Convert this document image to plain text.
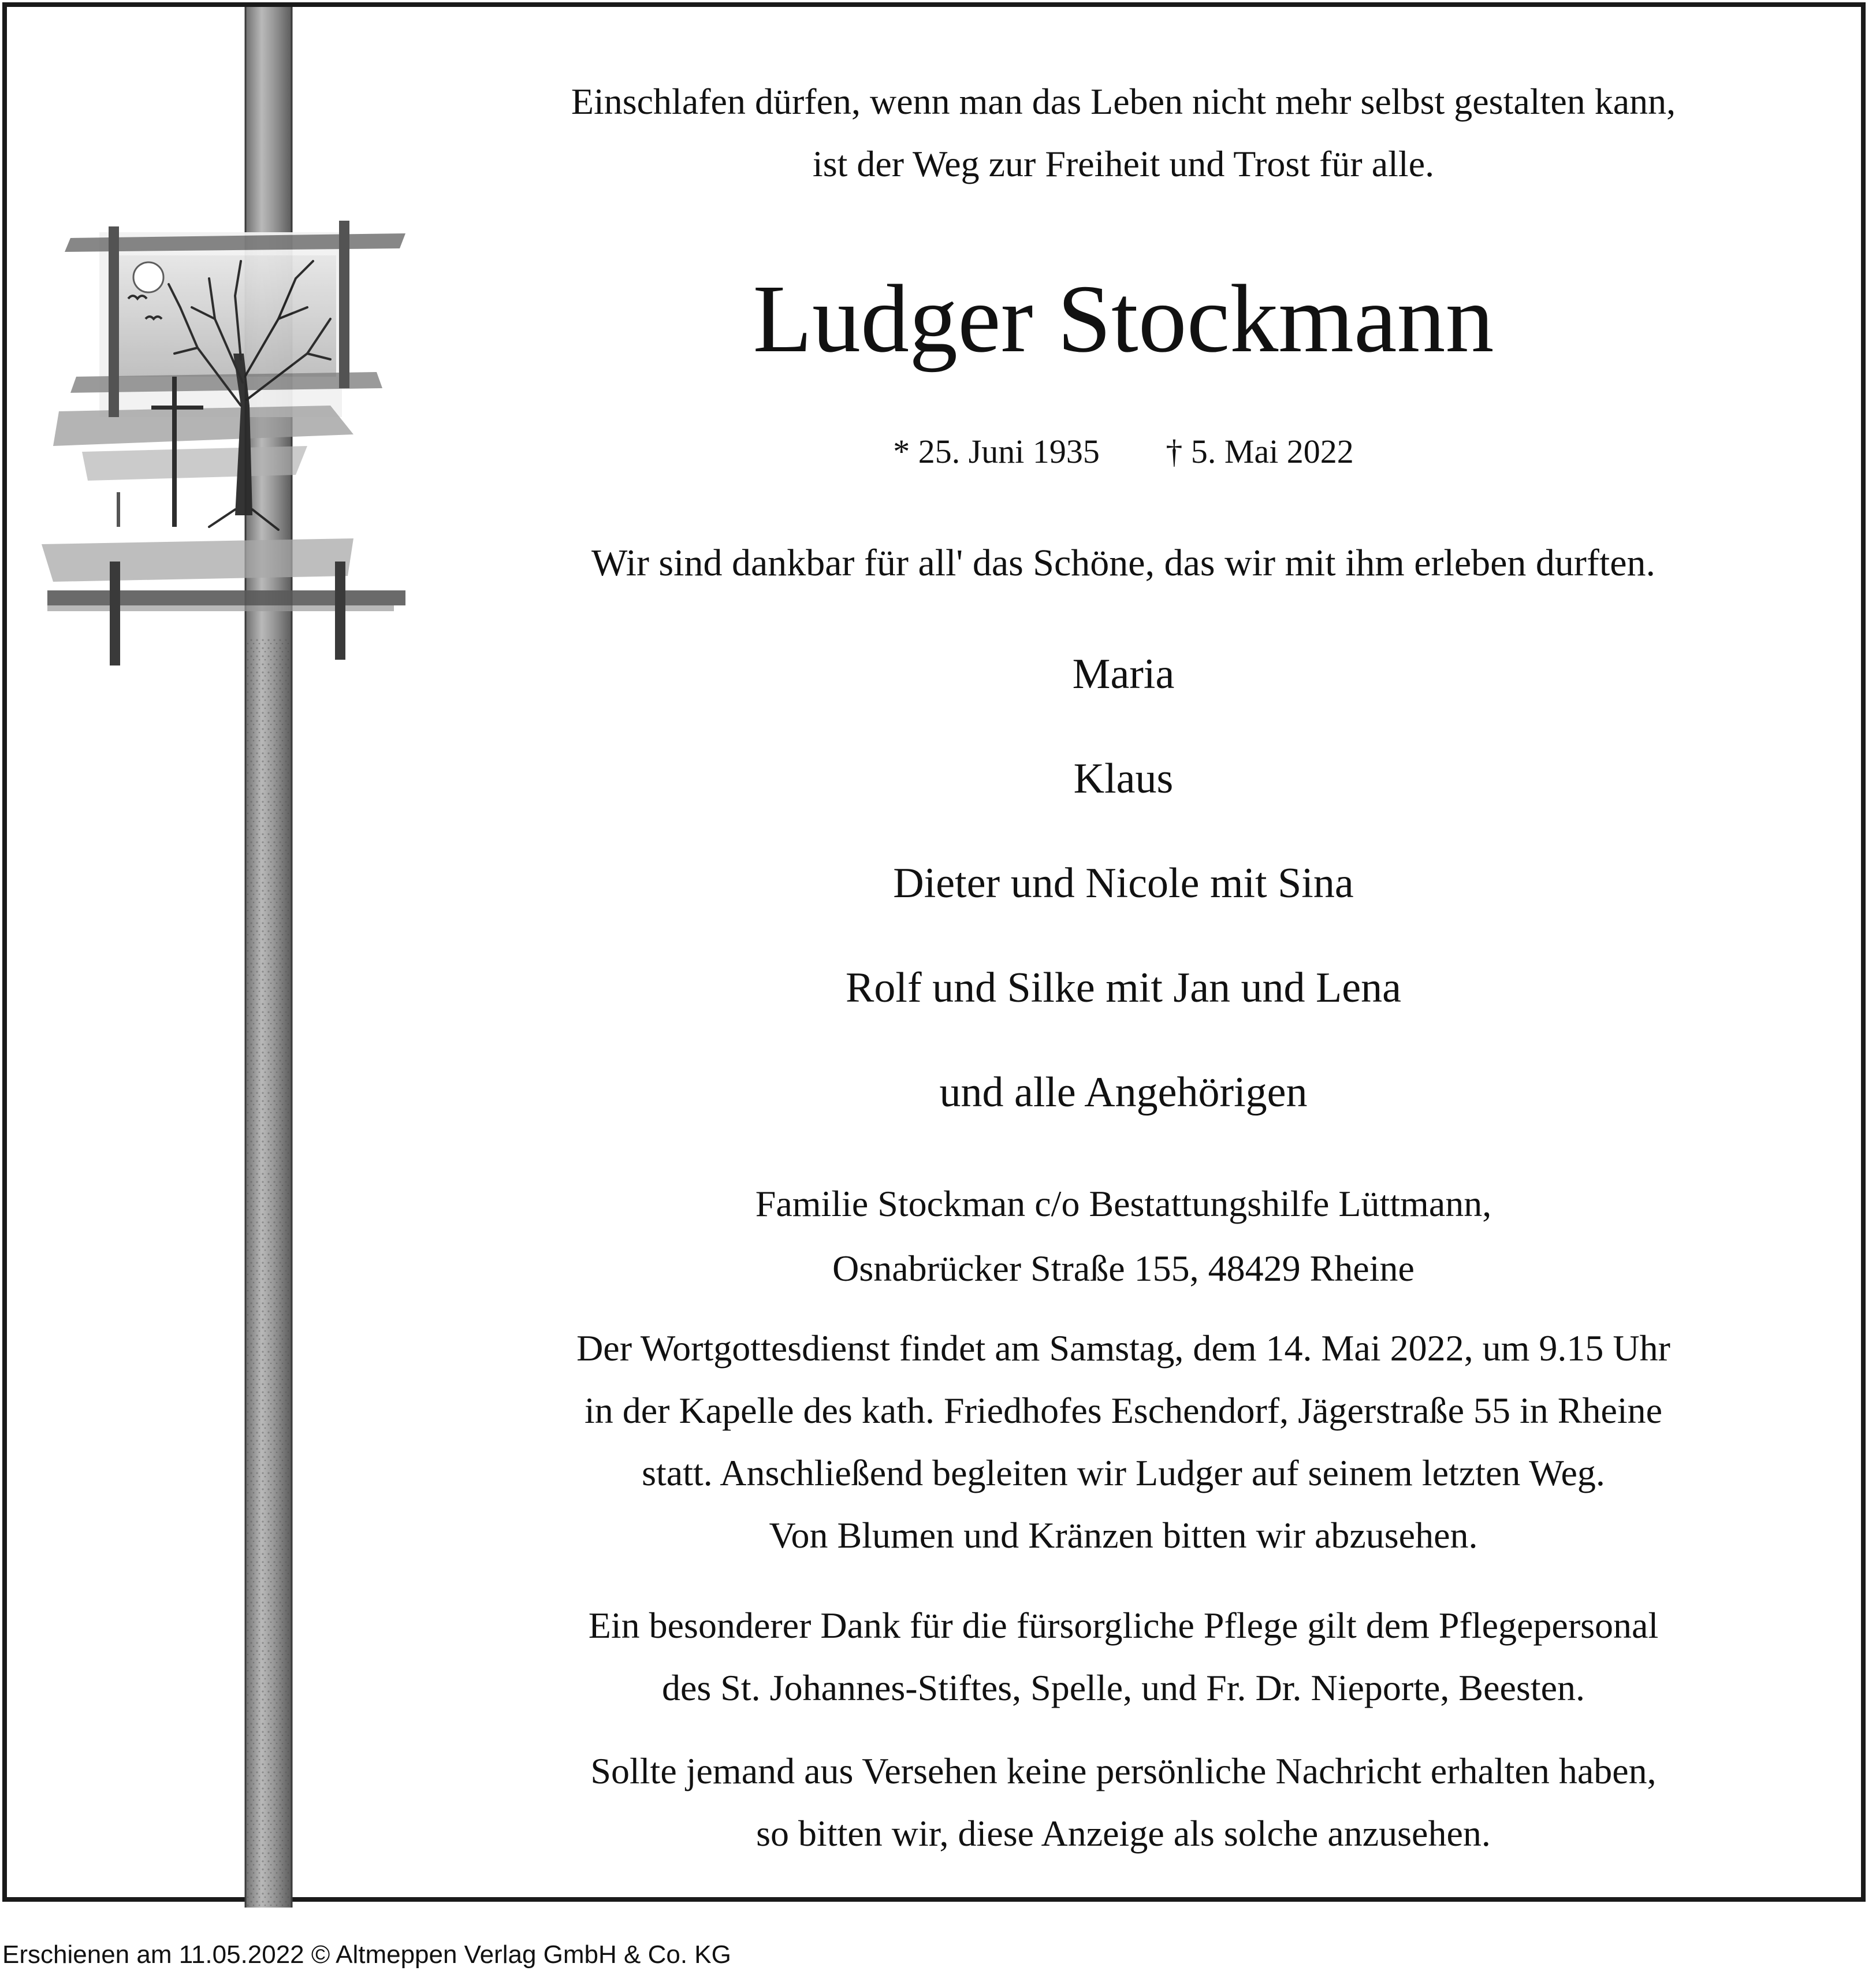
Einschlafen dürfen, wenn man das Leben nicht mehr selbst gestalten kann,
ist der Weg zur Freiheit und Trost für alle.
Ludger Stockmann
* 25. Juni 1935 † 5. Mai 2022
Wir sind dankbar für all' das Schöne, das wir mit ihm erleben durften.
Maria
Klaus
Dieter und Nicole mit Sina
Rolf und Silke mit Jan und Lena
und alle Angehörigen
Familie Stockman c/o Bestattungshilfe Lüttmann,
Osnabrücker Straße 155, 48429 Rheine
Der Wortgottesdienst findet am Samstag, dem 14. Mai 2022, um 9.15 Uhr
in der Kapelle des kath. Friedhofes Eschendorf, Jägerstraße 55 in Rheine
statt. Anschließend begleiten wir Ludger auf seinem letzten Weg.
Von Blumen und Kränzen bitten wir abzusehen.
Ein besonderer Dank für die fürsorgliche Pflege gilt dem Pflegepersonal
des St. Johannes-Stiftes, Spelle, und Fr. Dr. Nieporte, Beesten.
Sollte jemand aus Versehen keine persönliche Nachricht erhalten haben,
so bitten wir, diese Anzeige als solche anzusehen.
Erschienen am 11.05.2022 © Altmeppen Verlag GmbH & Co. KG
